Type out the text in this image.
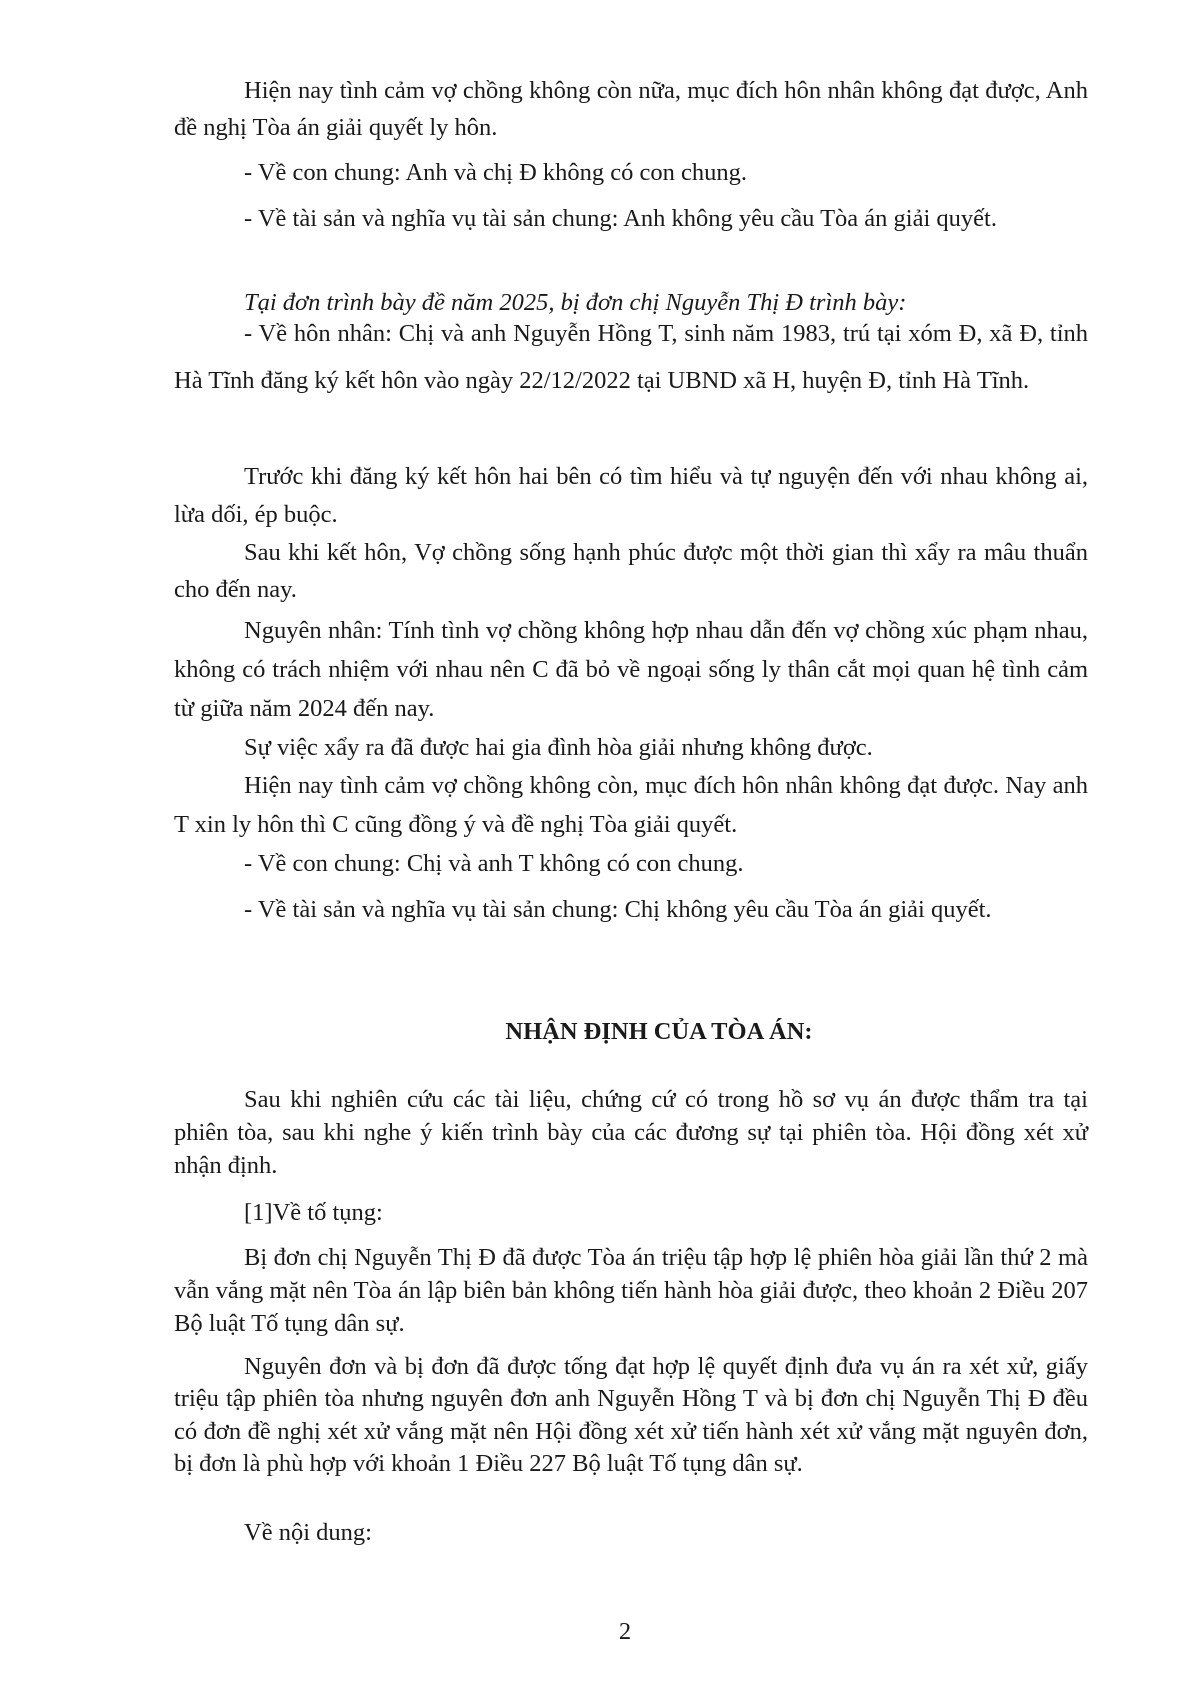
Hiện nay tình cảm vợ chồng không còn nữa, mục đích hôn nhân không đạt được, Anh đề nghị Tòa án giải quyết ly hôn.

- Về con chung: Anh và chị Đ không có con chung.

- Về tài sản và nghĩa vụ tài sản chung: Anh không yêu cầu Tòa án giải quyết.

Tại đơn trình bày đề năm 2025, bị đơn chị Nguyễn Thị Đ trình bày:

- Về hôn nhân: Chị và anh Nguyễn Hồng T, sinh năm 1983, trú tại xóm Đ, xã Đ, tỉnh Hà Tĩnh đăng ký kết hôn vào ngày 22/12/2022 tại UBND xã H, huyện Đ, tỉnh Hà Tĩnh.

Trước khi đăng ký kết hôn hai bên có tìm hiểu và tự nguyện đến với nhau không ai, lừa dối, ép buộc.

Sau khi kết hôn, Vợ chồng sống hạnh phúc được một thời gian thì xẩy ra mâu thuẩn cho đến nay.

Nguyên nhân: Tính tình vợ chồng không hợp nhau dẫn đến vợ chồng xúc phạm nhau, không có trách nhiệm với nhau nên C đã bỏ về ngoại sống ly thân cắt mọi quan hệ tình cảm từ giữa năm 2024 đến nay.

Sự việc xẩy ra đã được hai gia đình hòa giải nhưng không được.

Hiện nay tình cảm vợ chồng không còn, mục đích hôn nhân không đạt được. Nay anh T xin ly hôn thì C cũng đồng ý và đề nghị Tòa giải quyết.

- Về con chung: Chị và anh T không có con chung.

- Về tài sản và nghĩa vụ tài sản chung: Chị không yêu cầu Tòa án giải quyết.

NHẬN ĐỊNH CỦA TÒA ÁN:

Sau khi nghiên cứu các tài liệu, chứng cứ có trong hồ sơ vụ án được thẩm tra tại phiên tòa, sau khi nghe ý kiến trình bày của các đương sự tại phiên tòa. Hội đồng xét xử nhận định.

[1]Về tố tụng:

Bị đơn chị Nguyễn Thị Đ đã được Tòa án triệu tập hợp lệ phiên hòa giải lần thứ 2 mà vẫn vắng mặt nên Tòa án lập biên bản không tiến hành hòa giải được, theo khoản 2 Điều 207 Bộ luật Tố tụng dân sự.

Nguyên đơn và bị đơn đã được tống đạt hợp lệ quyết định đưa vụ án ra xét xử, giấy triệu tập phiên tòa nhưng nguyên đơn anh Nguyễn Hồng T và bị đơn chị Nguyễn Thị Đ đều có đơn đề nghị xét xử vắng mặt nên Hội đồng xét xử tiến hành xét xử vắng mặt nguyên đơn, bị đơn là phù hợp với khoản 1 Điều 227 Bộ luật Tố tụng dân sự.

Về nội dung:

2
